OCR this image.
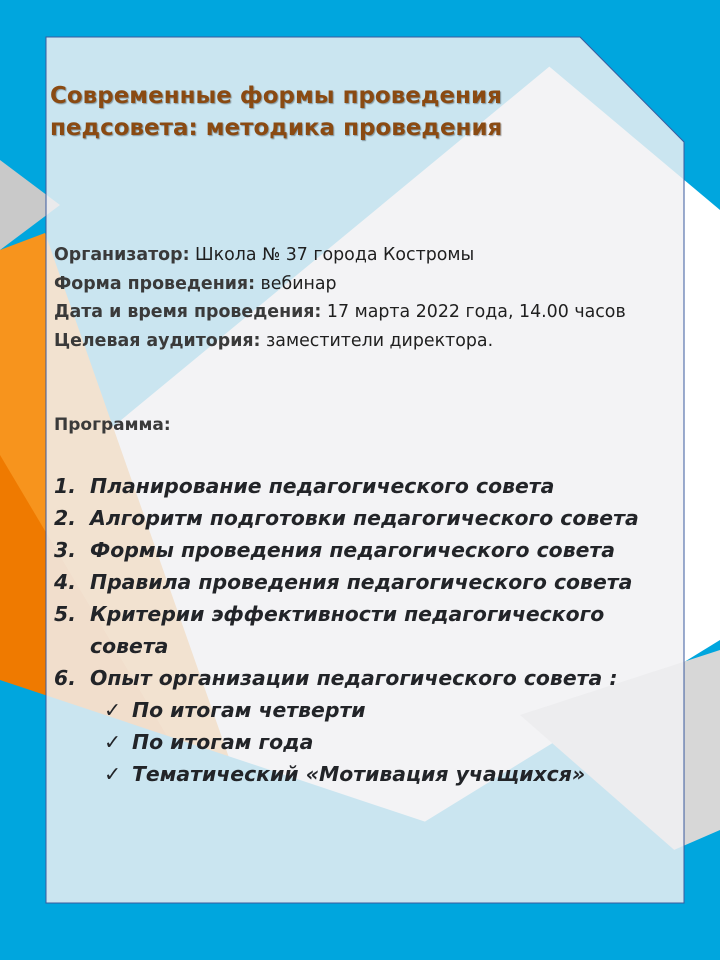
Современные формы проведения
педсовета: методика проведения
Организатор: Школа № 37 города Костромы
Форма проведения: вебинар
Дата и время проведения: 17 марта 2022 года, 14.00 часов
Целевая аудитория: заместители директора.
Программа:
1. Планирование педагогического совета
2. Алгоритм подготовки педагогического совета
3. Формы проведения педагогического совета
4. Правила проведения педагогического совета
5. Критерии эффективности педагогического совета
6. Опыт организации педагогического совета :
✓ По итогам четверти
✓ По итогам года
✓ Тематический «Мотивация учащихся»
